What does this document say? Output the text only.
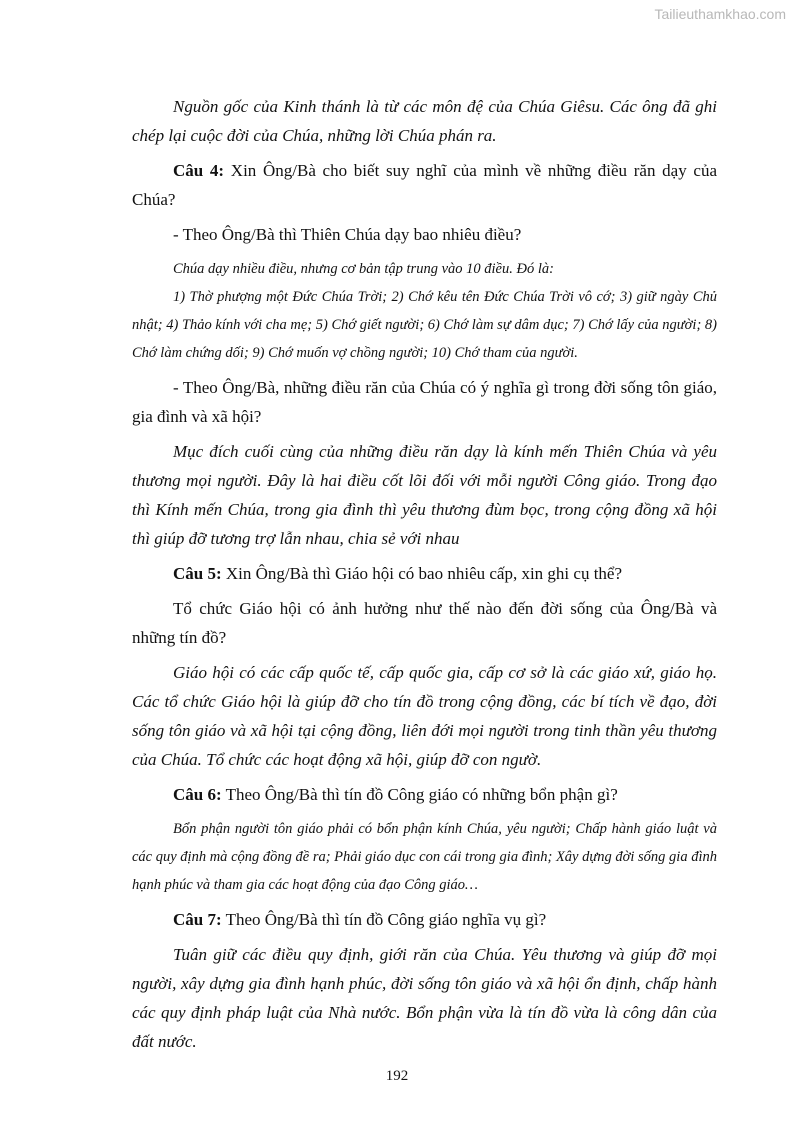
Tailieuthamkhao.com

Nguồn gốc của Kinh thánh là từ các môn đệ của Chúa Giêsu. Các ông đã ghi chép lại cuộc đời của Chúa, những lời Chúa phán ra.

Câu 4: Xin Ông/Bà cho biết suy nghĩ của mình về những điều răn dạy của Chúa?

- Theo Ông/Bà thì Thiên Chúa dạy bao nhiêu điều?

Chúa dạy nhiều điều, nhưng cơ bản tập trung vào 10 điều. Đó là:

1) Thờ phượng một Đức Chúa Trời; 2) Chớ kêu tên Đức Chúa Trời vô cớ; 3) giữ ngày Chủ nhật; 4) Thảo kính với cha mẹ; 5) Chớ giết người; 6) Chớ làm sự dâm dục; 7) Chớ lấy của người; 8) Chớ làm chứng dối; 9) Chớ muốn vợ chồng người; 10) Chớ tham của người.

- Theo Ông/Bà, những điều răn của Chúa có ý nghĩa gì trong đời sống tôn giáo, gia đình và xã hội?

Mục đích cuối cùng của những điều răn dạy là kính mến Thiên Chúa và yêu thương mọi người. Đây là hai điều cốt lõi đối với mỗi người Công giáo. Trong đạo thì Kính mến Chúa, trong gia đình thì yêu thương đùm bọc, trong cộng đồng xã hội thì giúp đỡ tương trợ lẫn nhau, chia sẻ với nhau

Câu 5: Xin Ông/Bà thì Giáo hội có bao nhiêu cấp, xin ghi cụ thể?

Tổ chức Giáo hội có ảnh hưởng như thế nào đến đời sống của Ông/Bà và những tín đồ?

Giáo hội có các cấp quốc tế, cấp quốc gia, cấp cơ sở là các giáo xứ, giáo họ. Các tổ chức Giáo hội là giúp đỡ cho tín đồ trong cộng đồng, các bí tích về đạo, đời sống tôn giáo và xã hội tại cộng đồng, liên đới mọi người trong tinh thần yêu thương của Chúa. Tổ chức các hoạt động xã hội, giúp đỡ con ngườ.

Câu 6: Theo Ông/Bà thì tín đồ Công giáo có những bổn phận gì?

Bổn phận người tôn giáo phải có bổn phận kính Chúa, yêu người; Chấp hành giáo luật và các quy định mà cộng đồng đề ra; Phải giáo dục con cái trong gia đình; Xây dựng đời sống gia đình hạnh phúc và tham gia các hoạt động của đạo Công giáo…

Câu 7: Theo Ông/Bà thì tín đồ Công giáo nghĩa vụ gì?

Tuân giữ các điều quy định, giới răn của Chúa. Yêu thương và giúp đỡ mọi người, xây dựng gia đình hạnh phúc, đời sống tôn giáo và xã hội ổn định, chấp hành các quy định pháp luật của Nhà nước. Bổn phận vừa là tín đồ vừa là công dân của đất nước.

192
